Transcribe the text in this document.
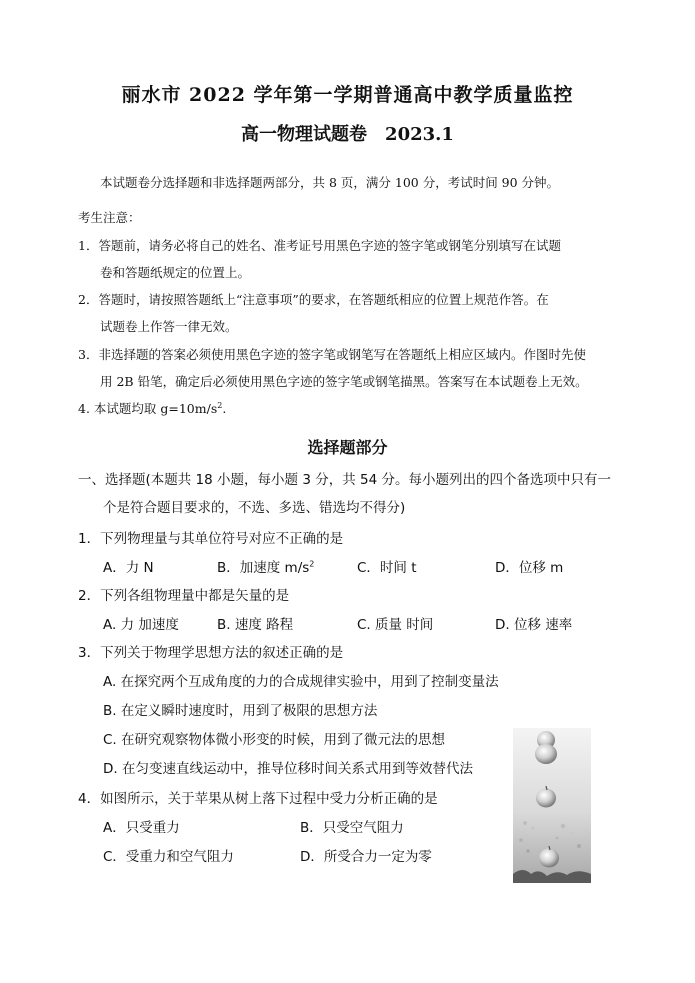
丽水市 2022 学年第一学期普通高中教学质量监控
高一物理试题卷 2023.1
本试题卷分选择题和非选择题两部分，共 8 页，满分 100 分，考试时间 90 分钟。
考生注意：
1．答题前，请务必将自己的姓名、准考证号用黑色字迹的签字笔或钢笔分别填写在试题
卷和答题纸规定的位置上。
2．答题时，请按照答题纸上“注意事项”的要求，在答题纸相应的位置上规范作答。在
试题卷上作答一律无效。
3．非选择题的答案必须使用黑色字迹的签字笔或钢笔写在答题纸上相应区域内。作图时先使
用 2B 铅笔，确定后必须使用黑色字迹的签字笔或钢笔描黑。答案写在本试题卷上无效。
4. 本试题均取 $g=10m/s^2$.
选择题部分
一、选择题(本题共 18 小题，每小题 3 分，共 54 分。每小题列出的四个备选项中只有一
个是符合题目要求的，不选、多选、错选均不得分)
1．下列物理量与其单位符号对应不正确的是
A．力 N	B．加速度 $m/s^2$	C．时间 t	D．位移 m
2．下列各组物理量中都是矢量的是
A. 力 加速度	B. 速度 路程	C. 质量 时间	D. 位移 速率
3．下列关于物理学思想方法的叙述正确的是
A. 在探究两个互成角度的力的合成规律实验中，用到了控制变量法
B. 在定义瞬时速度时，用到了极限的思想方法
C. 在研究观察物体微小形变的时候，用到了微元法的思想
D. 在匀变速直线运动中，推导位移时间关系式用到等效替代法
4．如图所示，关于苹果从树上落下过程中受力分析正确的是
A．只受重力	B．只受空气阻力
C．受重力和空气阻力	D．所受合力一定为零
